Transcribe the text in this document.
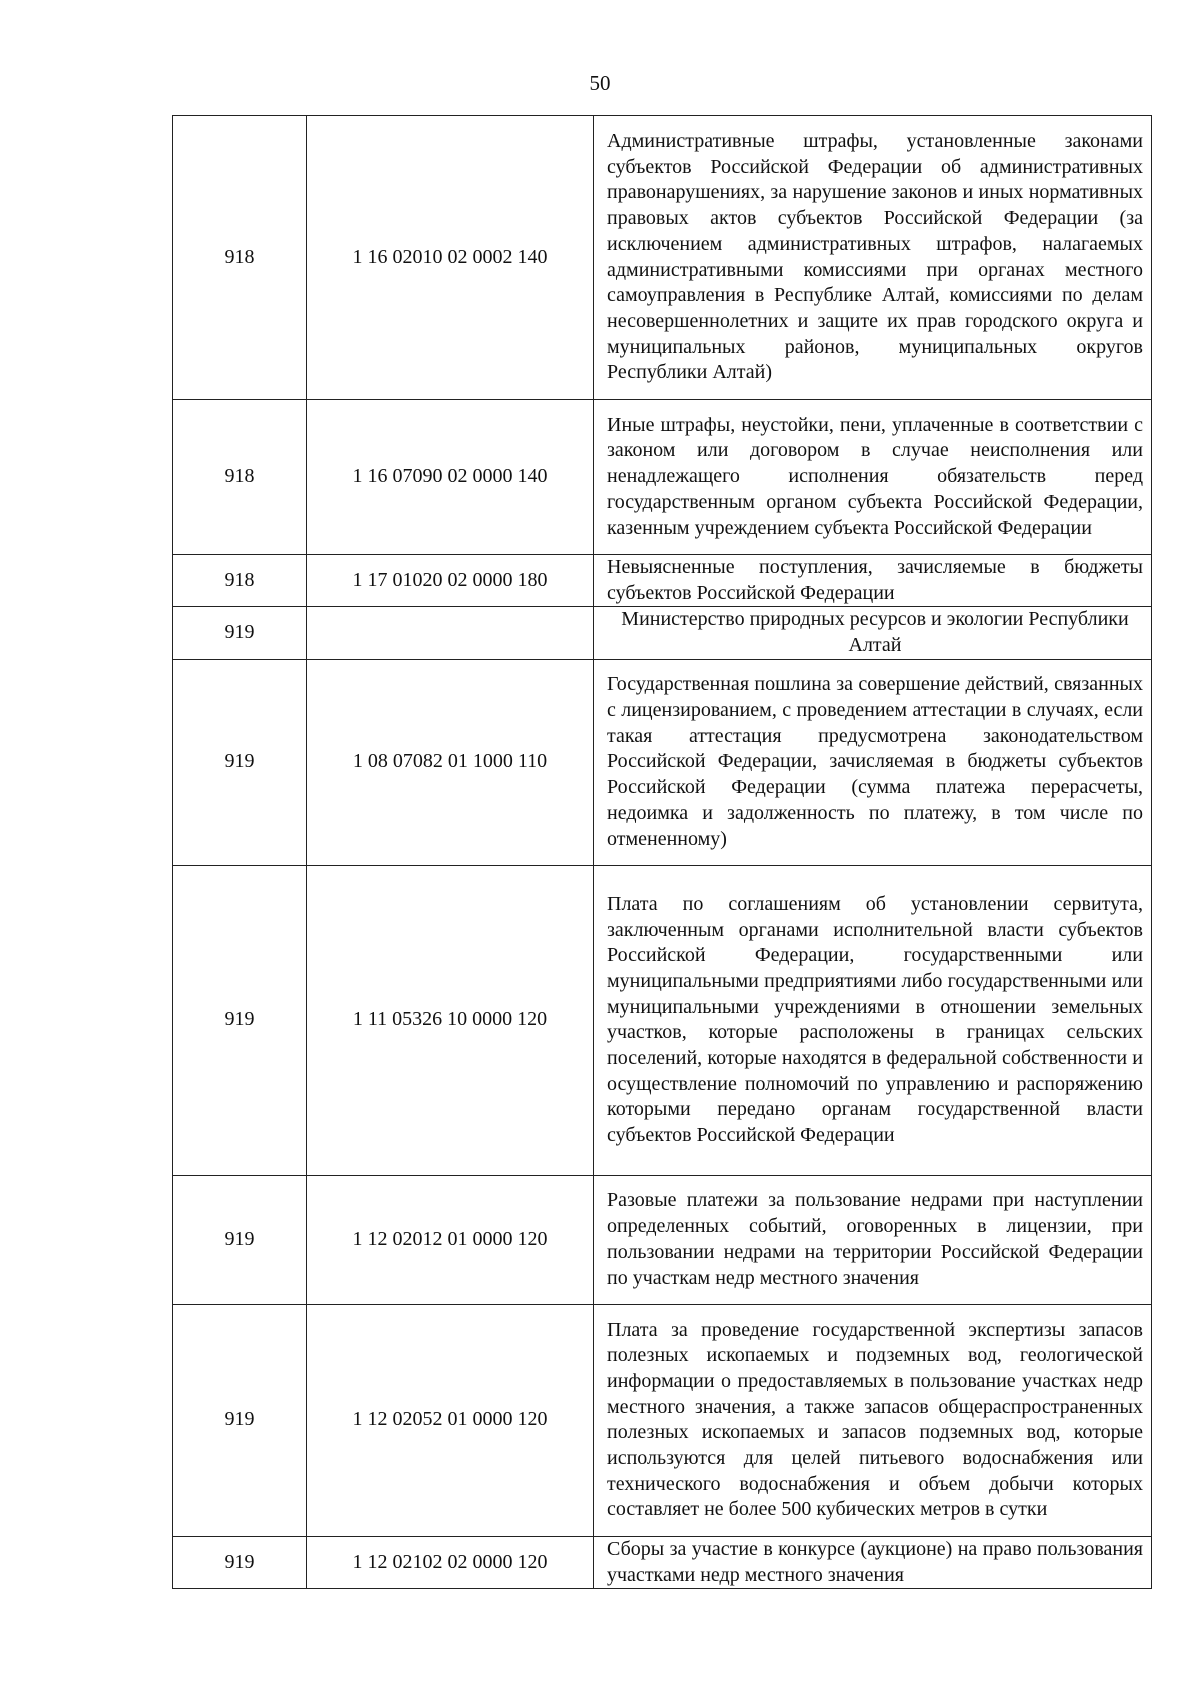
50
918	1 16 02010 02 0002 140	Административные штрафы, установленные законами субъектов Российской Федерации об административных правонарушениях, за нарушение законов и иных нормативных правовых актов субъектов Российской Федерации (за исключением административных штрафов, налагаемых административными комиссиями при органах местного самоуправления в Республике Алтай, комиссиями по делам несовершеннолетних и защите их прав городского округа и муниципальных районов, муниципальных округов Республики Алтай)
918	1 16 07090 02 0000 140	Иные штрафы, неустойки, пени, уплаченные в соответствии с законом или договором в случае неисполнения или ненадлежащего исполнения обязательств перед государственным органом субъекта Российской Федерации, казенным учреждением субъекта Российской Федерации
918	1 17 01020 02 0000 180	Невыясненные поступления, зачисляемые в бюджеты субъектов Российской Федерации
919		Министерство природных ресурсов и экологии Республики Алтай
919	1 08 07082 01 1000 110	Государственная пошлина за совершение действий, связанных с лицензированием, с проведением аттестации в случаях, если такая аттестация предусмотрена законодательством Российской Федерации, зачисляемая в бюджеты субъектов Российской Федерации (сумма платежа перерасчеты, недоимка и задолженность по платежу, в том числе по отмененному)
919	1 11 05326 10 0000 120	Плата по соглашениям об установлении сервитута, заключенным органами исполнительной власти субъектов Российской Федерации, государственными или муниципальными предприятиями либо государственными или муниципальными учреждениями в отношении земельных участков, которые расположены в границах сельских поселений, которые находятся в федеральной собственности и осуществление полномочий по управлению и распоряжению которыми передано органам государственной власти субъектов Российской Федерации
919	1 12 02012 01 0000 120	Разовые платежи за пользование недрами при наступлении определенных событий, оговоренных в лицензии, при пользовании недрами на территории Российской Федерации по участкам недр местного значения
919	1 12 02052 01 0000 120	Плата за проведение государственной экспертизы запасов полезных ископаемых и подземных вод, геологической информации о предоставляемых в пользование участках недр местного значения, а также запасов общераспространенных полезных ископаемых и запасов подземных вод, которые используются для целей питьевого водоснабжения или технического водоснабжения и объем добычи которых составляет не более 500 кубических метров в сутки
919	1 12 02102 02 0000 120	Сборы за участие в конкурсе (аукционе) на право пользования участками недр местного значения
